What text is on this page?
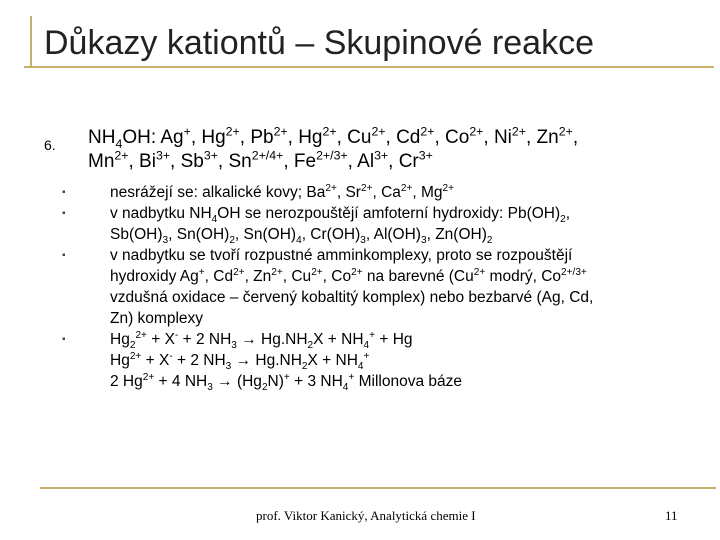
Důkazy kationtů – Skupinové reakce
6. $NH_4OH$: Ag+, $Hg^{2+}$, $Pb^{2+}$, $Hg^{2+}$, $Cu^{2+}$, $Cd^{2+}$, $Co^{2+}$, $Ni^{2+}$, $Zn^{2+}$,
$Mn^{2+}$, $Bi^{3+}$, $Sb^{3+}$, $Sn^{2+/4+}$, $Fe^{2+/3+}$, $Al^{3+}$, $Cr^{3+}$
▪	nesrážejí se: alkalické kovy; $Ba^{2+}$, $Sr^{2+}$, $Ca^{2+}$, $Mg^{2+}$
▪	v nadbytku $NH_4OH$ se nerozpouštějí amfoterní hydroxidy: $Pb(OH)_2$,
$Sb(OH)_3$, $Sn(OH)_2$, $Sn(OH)_4$, $Cr(OH)_3$, $Al(OH)_3$, $Zn(OH)_2$
▪	v nadbytku se tvoří rozpustné amminkomplexy, proto se rozpouštějí
hydroxidy Ag+, $Cd^{2+}$, $Zn^{2+}$, $Cu^{2+}$, $Co^{2+}$ na barevné ($Cu^{2+}$ modrý, $Co^{2+/3+}$
vzdušná oxidace – červený kobaltitý komplex) nebo bezbarvé (Ag, Cd,
Zn) komplexy
▪	$Hg_2^{2+} + X^- + 2$ $NH_3 \to Hg.NH_2X + NH_4^+ + Hg$
$Hg^{2+} + X^- + 2$ $NH_3 \to Hg.NH_2X + NH_4^+$
2 $Hg^{2+} + 4$ $NH_3 \to (Hg_2N)^+ + 3$ $NH_4^+$ Millonova báze
prof. Viktor Kanický, Analytická chemie I	11
